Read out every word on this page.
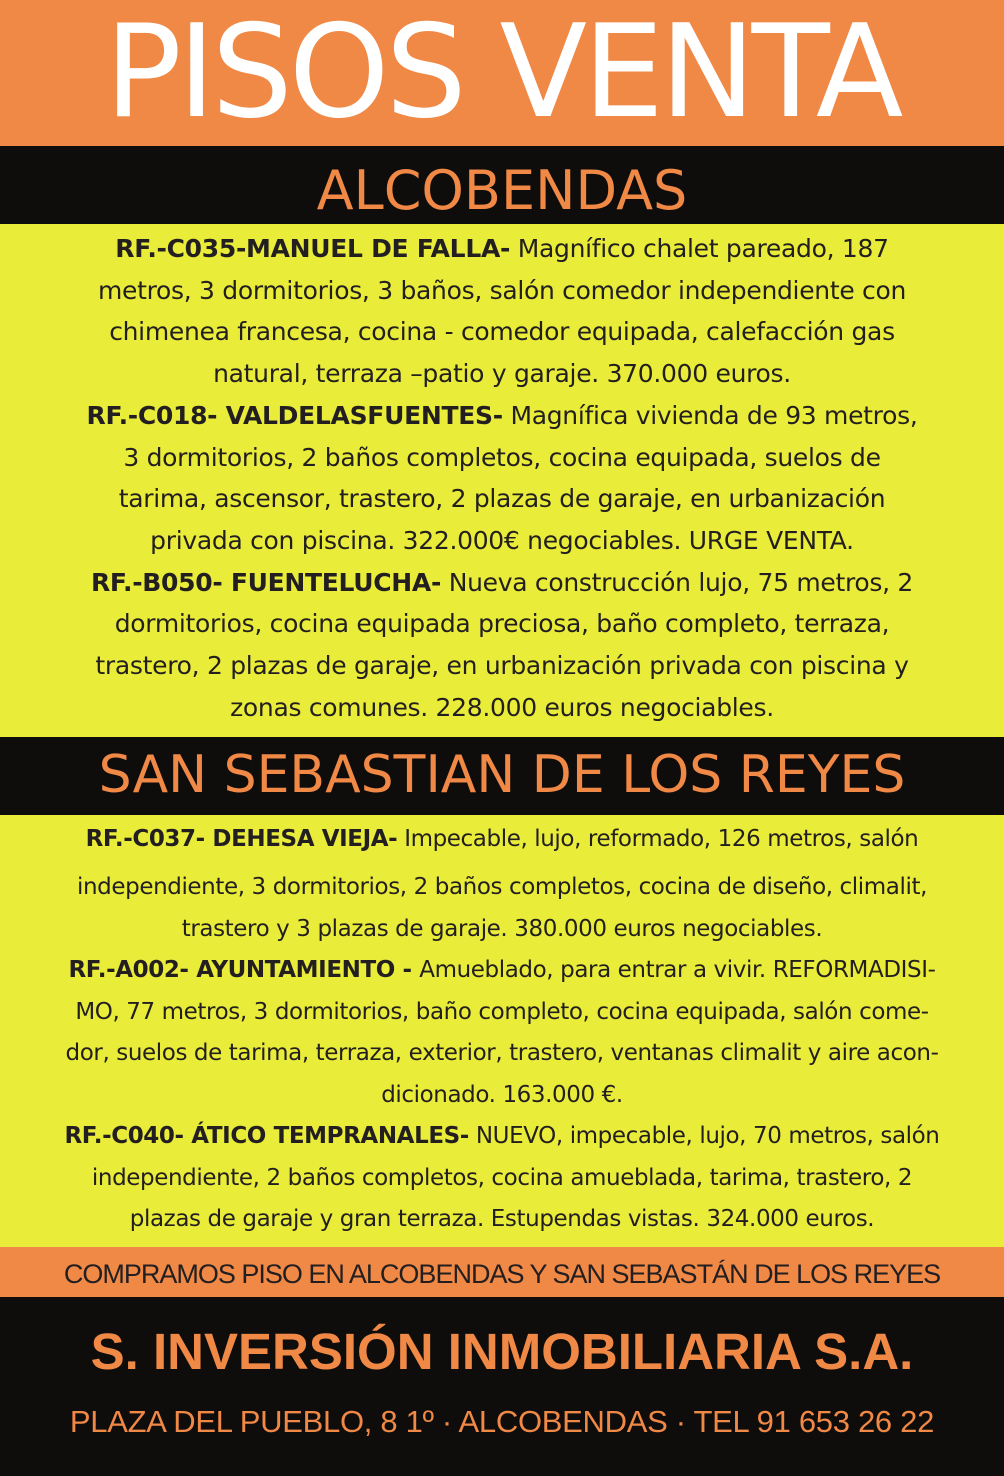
PISOS VENTA
ALCOBENDAS

RF.-C035-MANUEL DE FALLA- Magnífico chalet pareado, 187

metros, 3 dormitorios, 3 baños, salón comedor independiente con

chimenea francesa, cocina - comedor equipada, calefacción gas

natural, terraza –patio y garaje. 370.000 euros.

RF.-C018- VALDELASFUENTES- Magnífica vivienda de 93 metros,

3 dormitorios, 2 baños completos, cocina equipada, suelos de

tarima, ascensor, trastero, 2 plazas de garaje, en urbanización

privada con piscina. 322.000€ negociables. URGE VENTA.

RF.-B050- FUENTELUCHA- Nueva construcción lujo, 75 metros, 2

dormitorios, cocina equipada preciosa, baño completo, terraza,

trastero, 2 plazas de garaje, en urbanización privada con piscina y

zonas comunes. 228.000 euros negociables.

SAN SEBASTIAN DE LOS REYES

RF.-C037- DEHESA VIEJA- Impecable, lujo, reformado, 126 metros, salón

independiente, 3 dormitorios, 2 baños completos, cocina de diseño, climalit,

trastero y 3 plazas de garaje. 380.000 euros negociables.

RF.-A002- AYUNTAMIENTO - Amueblado, para entrar a vivir. REFORMADISI-

MO, 77 metros, 3 dormitorios, baño completo, cocina equipada, salón come-

dor, suelos de tarima, terraza, exterior, trastero, ventanas climalit y aire acon-

dicionado. 163.000 €.

RF.-C040- ÁTICO TEMPRANALES- NUEVO, impecable, lujo, 70 metros, salón

independiente, 2 baños completos, cocina amueblada, tarima, trastero, 2

plazas de garaje y gran terraza. Estupendas vistas. 324.000 euros.

COMPRAMOS PISO EN ALCOBENDAS Y SAN SEBASTÁN DE LOS REYES
S. INVERSIÓN INMOBILIARIA S.A.
PLAZA DEL PUEBLO, 8 1º · ALCOBENDAS · TEL 91 653 26 22
